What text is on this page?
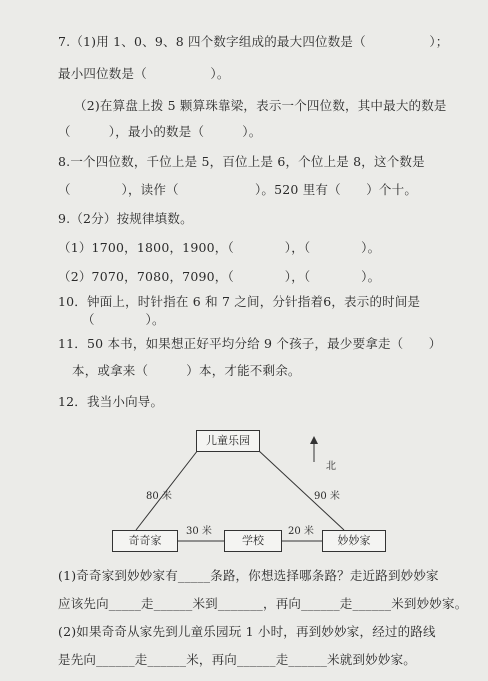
7.（1)用 1、0、9、8 四个数字组成的最大四位数是（　　　　　）；
最小四位数是（　　　　　）。
（2)在算盘上拨 5 颗算珠靠梁，表示一个四位数，其中最大的数是
（　　　），最小的数是（　　　）。
8.一个四位数，千位上是 5，百位上是 6，个位上是 8，这个数是
（　　　　），读作（　　　　　　）。520 里有（　　）个十。
9.（2分）按规律填数。
（1）1700，1800，1900，（　　　　），（　　　　）。
（2）7070，7080，7090，（　　　　），（　　　　）。
10．钟面上，时针指在 6 和 7 之间，分针指着6，表示的时间是
（　　　　）。
11．50 本书，如果想正好平均分给 9 个孩子，最少要拿走（　　）
本，或拿来（　　　）本，才能不剩余。
12．我当小向导。
儿童乐园
奇奇家	学校	妙妙家
北
80 米	90 米
30 米	20 米
(1)奇奇家到妙妙家有_____条路，你想选择哪条路？走近路到妙妙家
应该先向_____走______米到_______，再向______走______米到妙妙家。
(2)如果奇奇从家先到儿童乐园玩 1 小时，再到妙妙家，经过的路线
是先向______走______米，再向______走______米就到妙妙家。
